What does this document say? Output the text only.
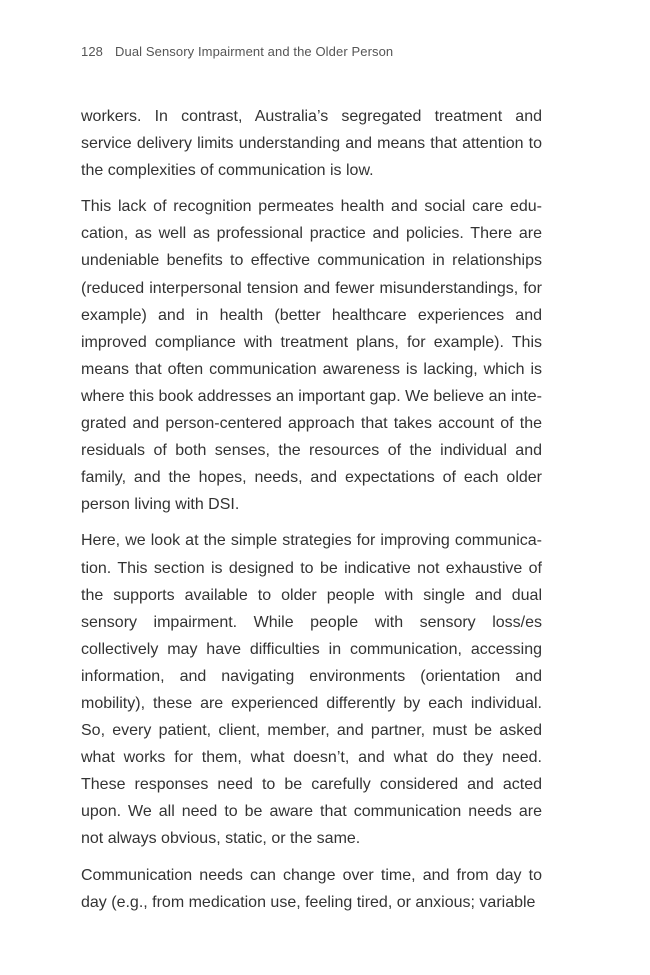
128 Dual Sensory Impairment and the Older Person

workers. In contrast, Australia’s segregated treatment and service delivery limits understanding and means that attention to the complexities of communication is low.

This lack of recognition permeates health and social care education, as well as professional practice and policies. There are undeniable benefits to effective communication in relationships (reduced interpersonal tension and fewer misunderstandings, for example) and in health (better healthcare experiences and improved compliance with treatment plans, for example). This means that often communication awareness is lacking, which is where this book addresses an important gap. We believe an integrated and person-centered approach that takes account of the residuals of both senses, the resources of the individual and family, and the hopes, needs, and expectations of each older person living with DSI.

Here, we look at the simple strategies for improving communication. This section is designed to be indicative not exhaustive of the supports available to older people with single and dual sensory impairment. While people with sensory loss/es collectively may have difficulties in communication, accessing information, and navigating environments (orientation and mobility), these are experienced differently by each individual. So, every patient, client, member, and partner, must be asked what works for them, what doesn’t, and what do they need. These responses need to be carefully considered and acted upon. We all need to be aware that communication needs are not always obvious, static, or the same.

Communication needs can change over time, and from day to day (e.g., from medication use, feeling tired, or anxious; variable
